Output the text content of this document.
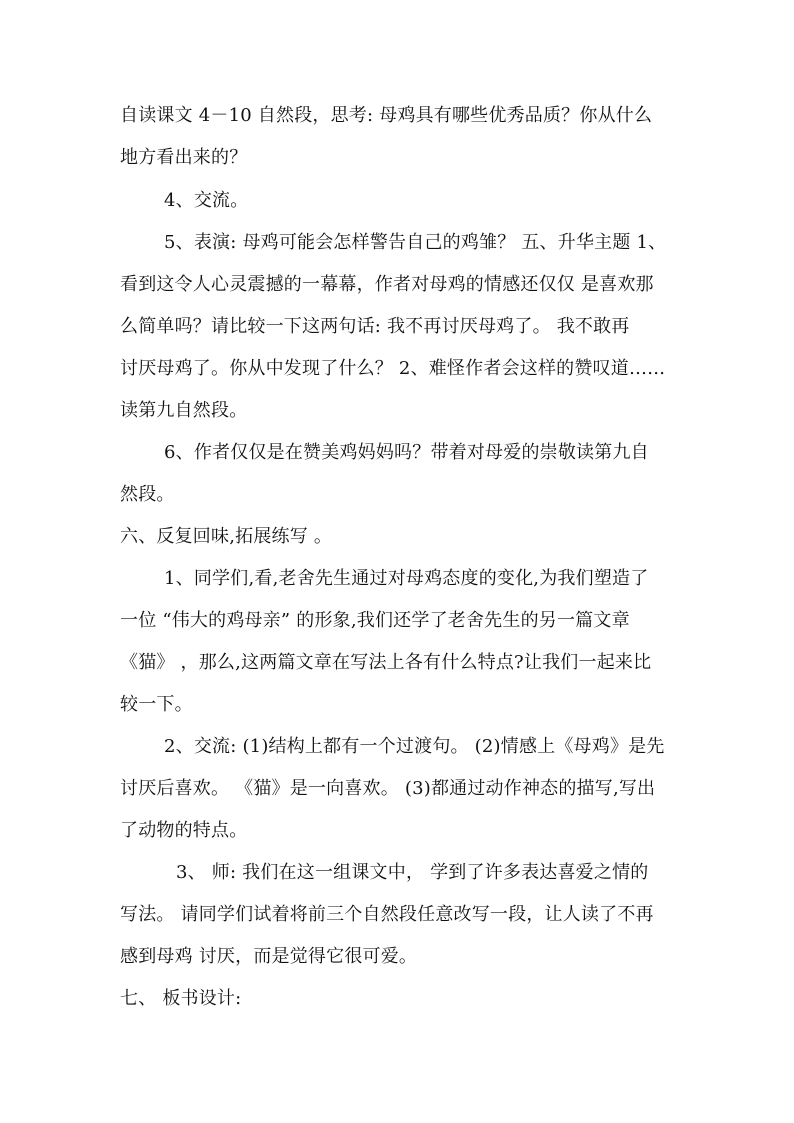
自读课文 4－10 自然段，思考: 母鸡具有哪些优秀品质？你从什么
地方看出来的？
4、交流。
5、表演: 母鸡可能会怎样警告自己的鸡雏？ 五、升华主题 1、
看到这令人心灵震撼的一幕幕，作者对母鸡的情感还仅仅 是喜欢那
么简单吗？请比较一下这两句话: 我不再讨厌母鸡了。 我不敢再
讨厌母鸡了。你从中发现了什么？ 2、难怪作者会这样的赞叹道……
读第九自然段。
6、作者仅仅是在赞美鸡妈妈吗？带着对母爱的崇敬读第九自
然段。
六、反复回味,拓展练写 。
1、同学们,看,老舍先生通过对母鸡态度的变化,为我们塑造了
一位 “伟大的鸡母亲” 的形象,我们还学了老舍先生的另一篇文章
《猫》 ，那么,这两篇文章在写法上各有什么特点?让我们一起来比
较一下。
2、交流: (1)结构上都有一个过渡句。 (2)情感上《母鸡》是先
讨厌后喜欢。 《猫》是一向喜欢。 (3)都通过动作神态的描写,写出
了动物的特点。
3、 师: 我们在这一组课文中， 学到了许多表达喜爱之情的
写法。 请同学们试着将前三个自然段任意改写一段，让人读了不再
感到母鸡 讨厌，而是觉得它很可爱。
七、 板书设计:
